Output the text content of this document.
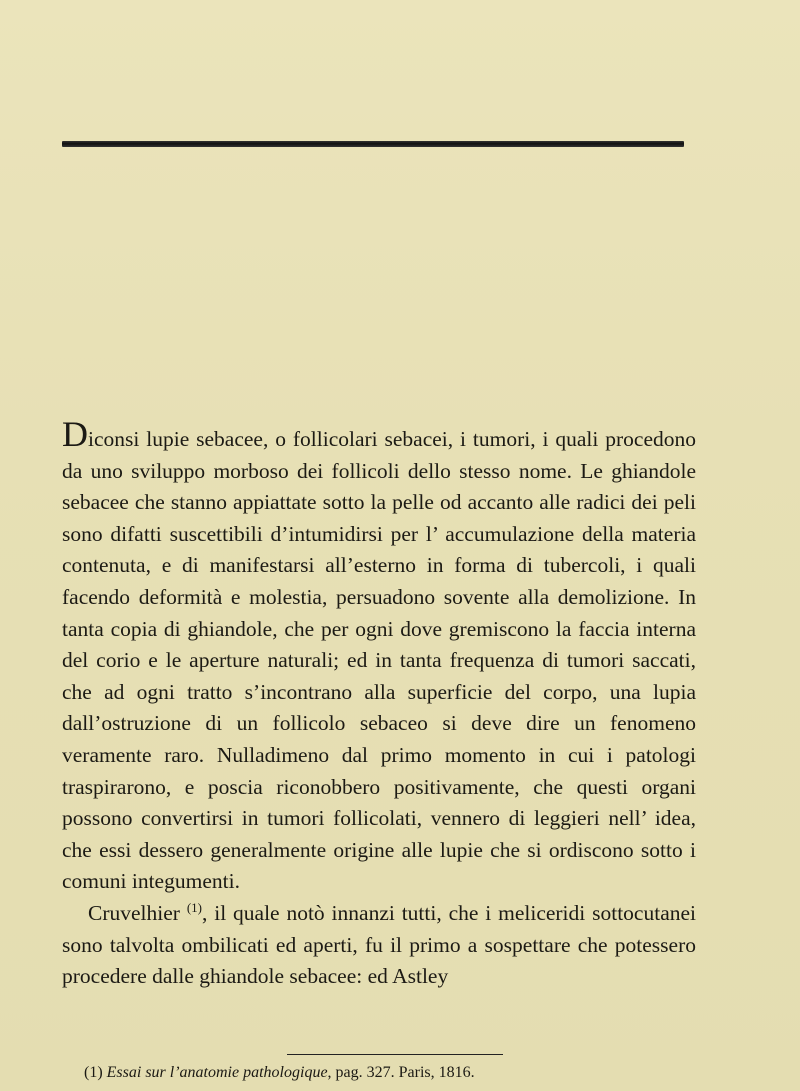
Diconsi lupie sebacee, o follicolari sebacei, i tumori, i quali procedono da uno sviluppo morboso dei follicoli dello stesso nome. Le ghiandole sebacee che stanno appiattate sotto la pelle od accanto alle radici dei peli sono difatti suscettibili d’intumidirsi per l’ accumulazione della materia contenuta, e di manifestarsi all’esterno in forma di tubercoli, i quali facendo deformità e molestia, persuadono sovente alla demolizione. In tanta copia di ghiandole, che per ogni dove gremiscono la faccia interna del corio e le aperture naturali; ed in tanta frequenza di tumori saccati, che ad ogni tratto s’incontrano alla superficie del corpo, una lupia dall’ostruzione di un follicolo sebaceo si deve dire un fenomeno veramente raro. Nulladimeno dal primo momento in cui i patologi traspirarono, e poscia riconobbero positivamente, che questi organi possono convertirsi in tumori follicolati, vennero di leggieri nell’ idea, che essi dessero generalmente origine alle lupie che si ordiscono sotto i comuni integumenti.

Cruvelhier $^{(1)}$, il quale notò innanzi tutti, che i meliceridi sottocutanei sono talvolta ombilicati ed aperti, fu il primo a sospettare che potessero procedere dalle ghiandole sebacee: ed Astley

(1) Essai sur l’anatomie pathologique, pag. 327. Paris, 1816.
